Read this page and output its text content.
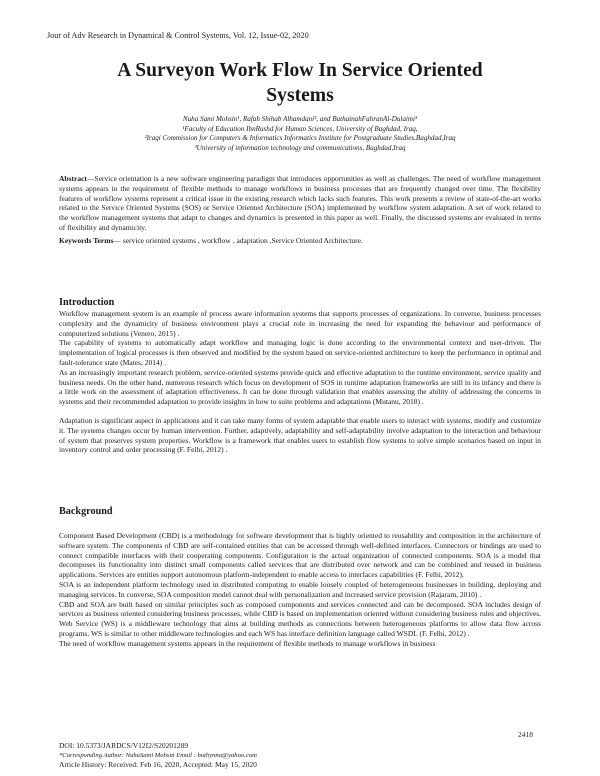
Jour of Adv Research in Dynamical & Control Systems, Vol. 12, Issue-02, 2020
A Surveyon Work Flow In Service Oriented
Systems
Nuha Sami Mohsin¹, Rafah Shihab Alhamdani², and ButhainahFahranAl-Dulaimi³
¹Faculty of Education IbnRushd for Human Sciences, University of Baghdad, Iraq,
²Iraqi Commission for Computers & Informatics Informatics Institute for Postgraduate Studies,Baghdad,Iraq
³University of information technology and communications, Baghdad,Iraq
Abstract—Service orientation is a new software engineering paradigm that introduces opportunities as well as challenges. The need of workflow management systems appears in the requirement of flexible methods to manage workflows in business processes that are frequently changed over time. The flexibility features of workflow systems represent a critical issue in the existing research which lacks such features. This work presents a review of state-of-the-art works related to the Service Oriented Systems (SOS) or Service Oriented Architecture (SOA) implemented by workflow system adaptation. A set of work related to the workflow management systems that adapt to changes and dynamics is presented in this paper as well. Finally, the discussed systems are evaluated in terms of flexibility and dynamicity.
Keywords Terms— service oriented systems , workflow , adaptation ,Service Oriented Architecture.
Introduction

Workflow management system is an example of process aware information systems that supports processes of organizations. In converse, business processes complexity and the dynamicity of business environment plays a crucial role in increasing the need for expanding the behaviour and performance of computerized solutions (Venero, 2015) .

The capability of systems to automatically adapt workflow and managing logic is done according to the environmental context and user-driven. The implementation of logical processes is then observed and modified by the system based on service-oriented architecture to keep the performance in optimal and fault-tolerance state (Mates, 2014) .

As an increasingly important research problem, service-oriented systems provide quick and effective adaptation to the runtime environment, service quality and business needs. On the other hand, numerous research which focus on development of SOS in runtime adaptation frameworks are still in its infancy and there is a little work on the assessment of adaptation effectiveness. It can be done through validation that enables assessing the ability of addressing the concerns in systems and their recommended adaptation to provide insights in how to suite problems and adaptations (Mutanu, 2018) .

Adaptation is significant aspect in applications and it can take many forms of system adaptable that enable users to interact with systems, modify and customize it. The systems changes occur by human intervention. Further, adaptively, adaptability and self-adaptability involve adaptation to the interaction and behaviour of system that preserves system properties. Workflow is a framework that enables users to establish flow systems to solve simple scenarios based on input in inventory control and order processing (F. Felhi, 2012) .

Background

Component Based Development (CBD) is a methodology for software development that is highly oriented to reusability and composition in the architecture of software system. The components of CBD are self-contained entities that can be accessed through well-defined interfaces. Connectors or bindings are used to connect compatible interfaces with their cooperating components. Configuration is the actual organization of connected components. SOA is a model that decomposes its functionality into distinct small components called services that are distributed over network and can be combined and reused in business applications. Services are entities support autonomous platform-independent to enable access to interfaces capabilities (F. Felhi, 2012).

SOA is an independent platform technology used in distributed computing to enable loosely coupled of heterogeneous businesses in building, deploying and managing services. In converse, SOA composition model cannot deal with personalization and increased service provision (Rajaram, 2010) .

CBD and SOA are built based on similar principles such as composed components and services connected and can be decomposed. SOA includes design of services as business oriented considering business processes, while CBD is based on implementation oriented without considering business rules and objectives. Web Service (WS) is a middleware technology that aims at building methods as connections between heterogeneous platforms to allow data flow across programs. WS is similar to other middleware technologies and each WS has interface definition language called WSDL (F. Felhi, 2012) .

The need of workflow management systems appears in the requirement of flexible methods to manage workflows in business

2418
DOI: 10.5373/JARDCS/V12I2/S20201289
*Corresponding Author: NuhaSami Mohsin Email : buthynna@yahoo.com
Article History: Received: Feb 16, 2020, Accepted: May 15, 2020
